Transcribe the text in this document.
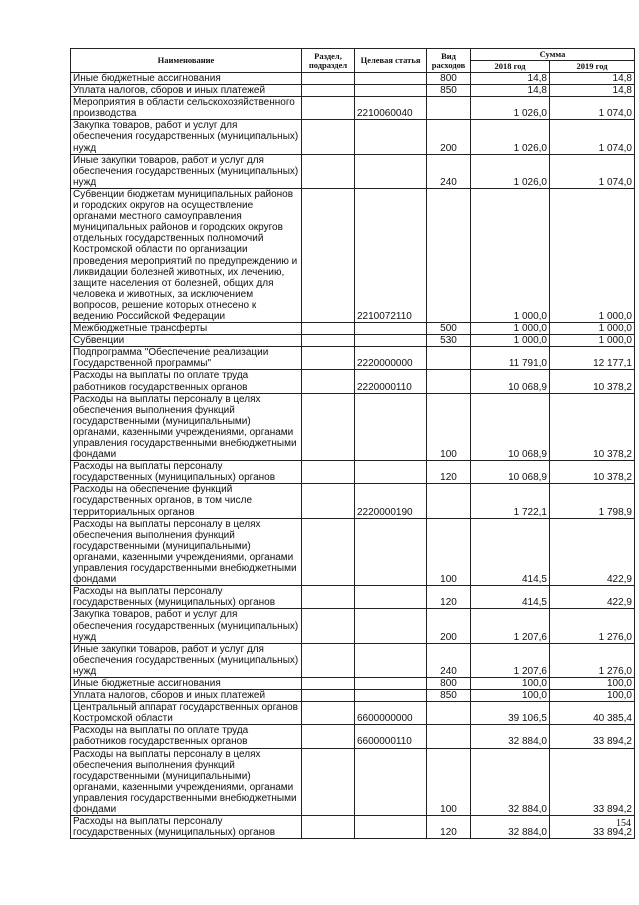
Наименование	Раздел, подраздел	Целевая статья	Вид расходов	Сумма	
				2018 год	2019 год
Иные бюджетные ассигнования			800	14,8	14,8
Уплата налогов, сборов и иных платежей			850	14,8	14,8
Мероприятия в области сельскохозяйственного производства		2210060040		1 026,0	1 074,0
Закупка товаров, работ и услуг для обеспечения государственных (муниципальных) нужд			200	1 026,0	1 074,0
Иные закупки товаров, работ и услуг для обеспечения государственных (муниципальных) нужд			240	1 026,0	1 074,0
Субвенции бюджетам муниципальных районов и городских округов на осуществление органами местного самоуправления муниципальных районов и городских округов отдельных государственных полномочий Костромской области по организации проведения мероприятий по предупреждению и ликвидации болезней животных, их лечению, защите населения от болезней, общих для человека и животных, за исключением вопросов, решение которых отнесено к ведению Российской Федерации		2210072110		1 000,0	1 000,0
Межбюджетные трансферты			500	1 000,0	1 000,0
Субвенции			530	1 000,0	1 000,0
Подпрограмма "Обеспечение реализации Государственной программы"		2220000000		11 791,0	12 177,1
Расходы на выплаты по оплате труда работников государственных органов		2220000110		10 068,9	10 378,2
Расходы на выплаты персоналу в целях обеспечения выполнения функций государственными (муниципальными) органами, казенными учреждениями, органами управления государственными внебюджетными фондами			100	10 068,9	10 378,2
Расходы на выплаты персоналу государственных (муниципальных) органов			120	10 068,9	10 378,2
Расходы на обеспечение функций государственных органов, в том числе территориальных органов		2220000190		1 722,1	1 798,9
Расходы на выплаты персоналу в целях обеспечения выполнения функций государственными (муниципальными) органами, казенными учреждениями, органами управления государственными внебюджетными фондами			100	414,5	422,9
Расходы на выплаты персоналу государственных (муниципальных) органов			120	414,5	422,9
Закупка товаров, работ и услуг для обеспечения государственных (муниципальных) нужд			200	1 207,6	1 276,0
Иные закупки товаров, работ и услуг для обеспечения государственных (муниципальных) нужд			240	1 207,6	1 276,0
Иные бюджетные ассигнования			800	100,0	100,0
Уплата налогов, сборов и иных платежей			850	100,0	100,0
Центральный аппарат государственных органов Костромской области		6600000000		39 106,5	40 385,4
Расходы на выплаты по оплате труда работников государственных органов		6600000110		32 884,0	33 894,2
Расходы на выплаты персоналу в целях обеспечения выполнения функций государственными (муниципальными) органами, казенными учреждениями, органами управления государственными внебюджетными фондами			100	32 884,0	33 894,2
Расходы на выплаты персоналу государственных (муниципальных) органов			120	32 884,0	33 894,2
154
